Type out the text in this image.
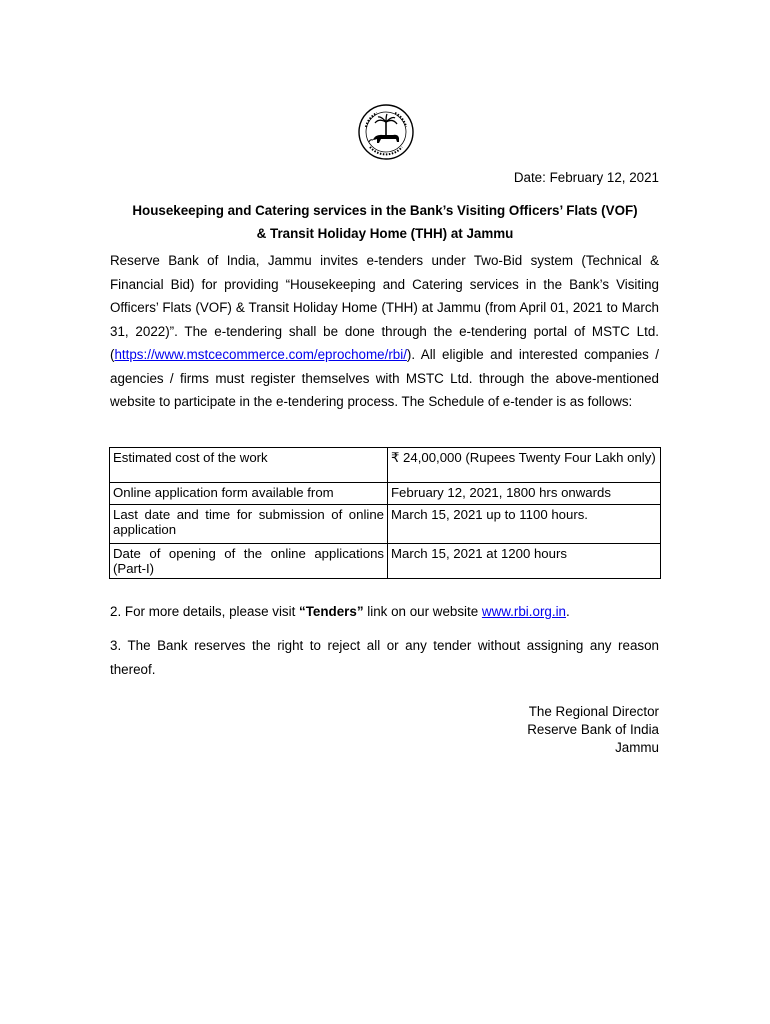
Date: February 12, 2021
Housekeeping and Catering services in the Bank’s Visiting Officers’ Flats (VOF)
& Transit Holiday Home (THH) at Jammu

Reserve Bank of India, Jammu invites e-tenders under Two-Bid system (Technical & Financial Bid) for providing “Housekeeping and Catering services in the Bank’s Visiting Officers’ Flats (VOF) & Transit Holiday Home (THH) at Jammu (from April 01, 2021 to March 31, 2022)”. The e-tendering shall be done through the e-tendering portal of MSTC Ltd. (https://www.mstcecommerce.com/eprochome/rbi/). All eligible and interested companies / agencies / firms must register themselves with MSTC Ltd. through the above-mentioned website to participate in the e-tendering process. The Schedule of e-tender is as follows:

Estimated cost of the work	₹ 24,00,000 (Rupees Twenty Four Lakh only)
Online application form available from	February 12, 2021, 1800 hrs onwards
Last date and time for submission of online application	March 15, 2021 up to 1100 hours.
Date of opening of the online applications (Part-I)	March 15, 2021 at 1200 hours
2. For more details, please visit “Tenders” link on our website www.rbi.org.in.

3. The Bank reserves the right to reject all or any tender without assigning any reason thereof.

The Regional Director
Reserve Bank of India
Jammu
